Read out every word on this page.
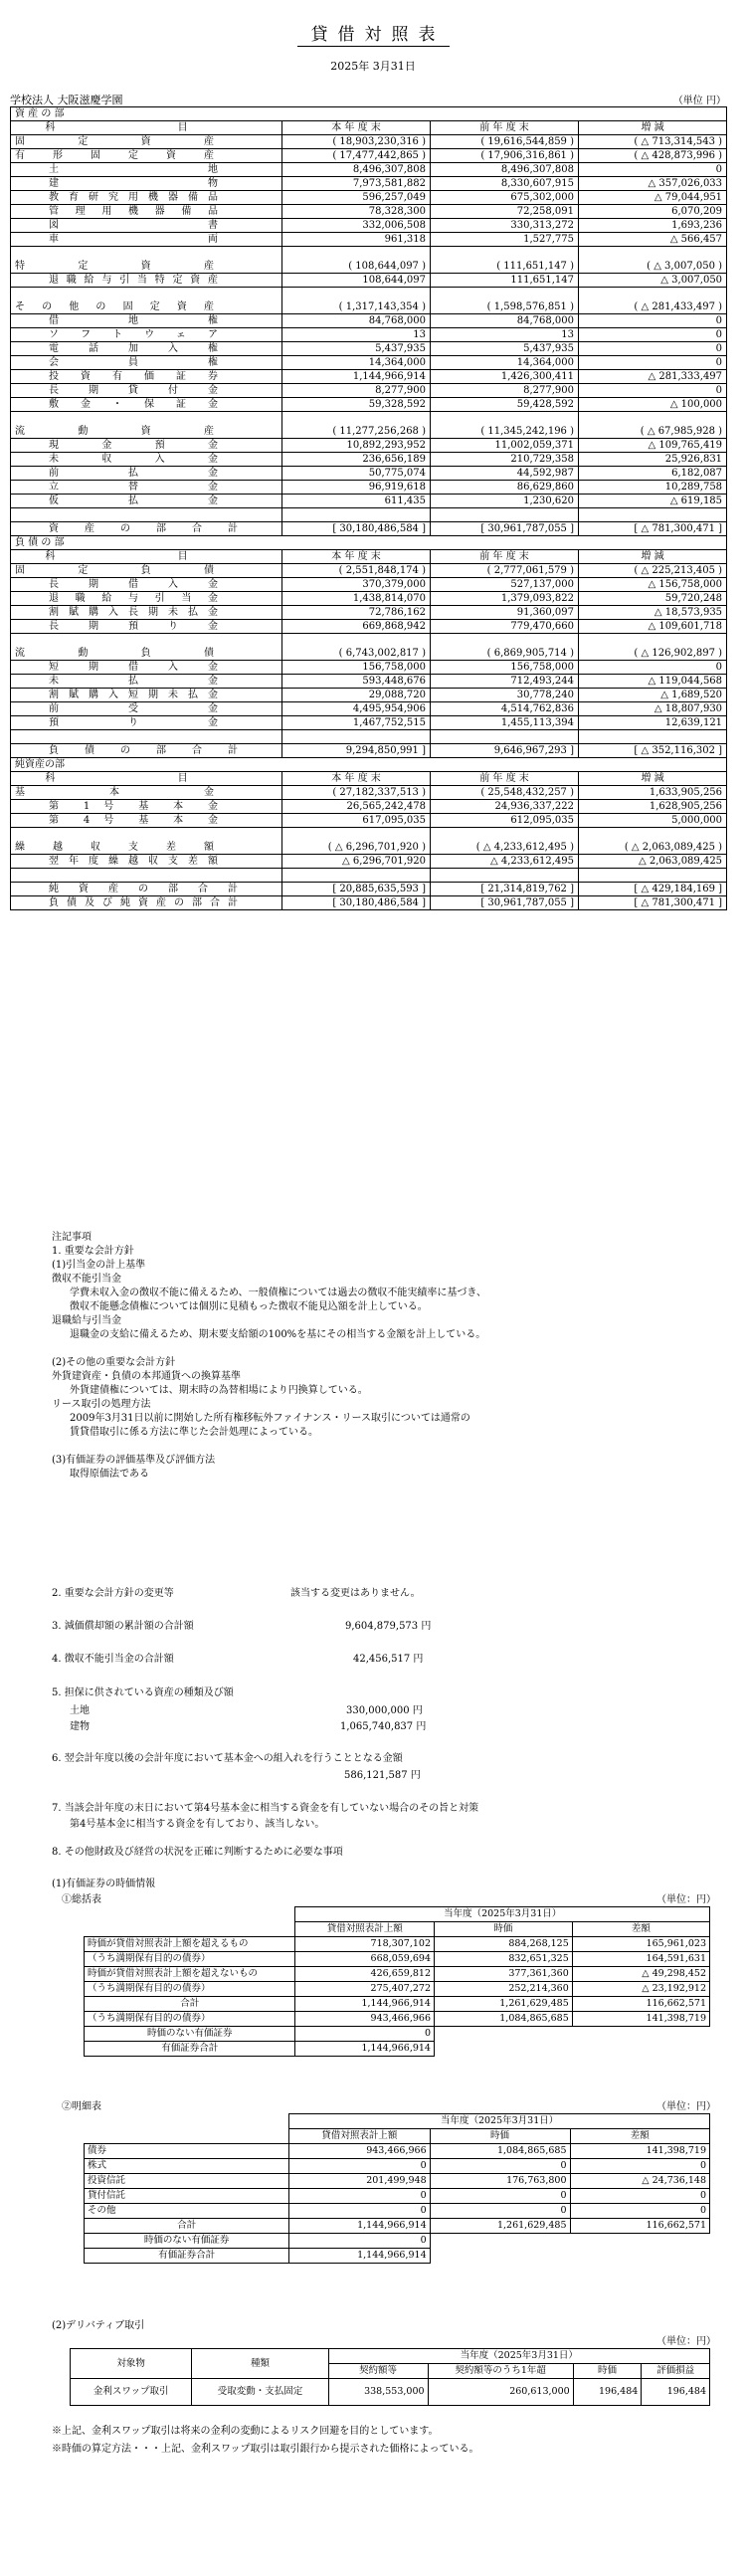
貸借対照表
2025年 3月31日
学校法人 大阪滋慶学園	（単位 円）
資 産 の 部			
科 目	本 年 度 末	前 年 度 末	増 減
固 定 資 産	( 18,903,230,316 )	( 19,616,544,859 )	( △ 713,314,543 )
有 形 固 定 資 産	( 17,477,442,865 )	( 17,906,316,861 )	( △ 428,873,996 )
土 地	8,496,307,808	8,496,307,808	0
建 物	7,973,581,882	8,330,607,915	△ 357,026,033
教育研究用機器備品	596,257,049	675,302,000	△ 79,044,951
管理用機器備品	78,328,300	72,258,091	6,070,209
図 書	332,006,508	330,313,272	1,693,236
車 両	961,318	1,527,775	△ 566,457

特 定 資 産	( 108,644,097 )	( 111,651,147 )	( △ 3,007,050 )
退職給与引当特定資産	108,644,097	111,651,147	△ 3,007,050

その他の固定資産	( 1,317,143,354 )	( 1,598,576,851 )	( △ 281,433,497 )
借 地 権	84,768,000	84,768,000	0
ソフトウェア	13	13	0
電 話 加 入 権	5,437,935	5,437,935	0
会 員 権	14,364,000	14,364,000	0
投資有価証券	1,144,966,914	1,426,300,411	△ 281,333,497
長 期 貸 付 金	8,277,900	8,277,900	0
敷金・保証金	59,328,592	59,428,592	△ 100,000

流 動 資 産	( 11,277,256,268 )	( 11,345,242,196 )	( △ 67,985,928 )
現 金 預 金	10,892,293,952	11,002,059,371	△ 109,765,419
未 収 入 金	236,656,189	210,729,358	25,926,831
前 払 金	50,775,074	44,592,987	6,182,087
立 替 金	96,919,618	86,629,860	10,289,758
仮 払 金	611,435	1,230,620	△ 619,185

資 産 の 部 合 計	[ 30,180,486,584 ]	[ 30,961,787,055 ]	[ △ 781,300,471 ]
負 債 の 部			
科 目	本 年 度 末	前 年 度 末	増 減
固 定 負 債	( 2,551,848,174 )	( 2,777,061,579 )	( △ 225,213,405 )
長 期 借 入 金	370,379,000	527,137,000	△ 156,758,000
退職給与引当金	1,438,814,070	1,379,093,822	59,720,248
割賦購入長期未払金	72,786,162	91,360,097	△ 18,573,935
長 期 預 り 金	669,868,942	779,470,660	△ 109,601,718

流 動 負 債	( 6,743,002,817 )	( 6,869,905,714 )	( △ 126,902,897 )
短 期 借 入 金	156,758,000	156,758,000	0
未 払 金	593,448,676	712,493,244	△ 119,044,568
割賦購入短期未払金	29,088,720	30,778,240	△ 1,689,520
前 受 金	4,495,954,906	4,514,762,836	△ 18,807,930
預 り 金	1,467,752,515	1,455,113,394	12,639,121

負 債 の 部 合 計	9,294,850,991 ]	9,646,967,293 ]	[ △ 352,116,302 ]
純資産の部			
科 目	本 年 度 末	前 年 度 末	増 減
基 本 金	( 27,182,337,513 )	( 25,548,432,257 )	1,633,905,256
第 1 号 基 本 金	26,565,242,478	24,936,337,222	1,628,905,256
第 4 号 基 本 金	617,095,035	612,095,035	5,000,000

繰 越 収 支 差 額	( △ 6,296,701,920 )	( △ 4,233,612,495 )	( △ 2,063,089,425 )
翌年度繰越収支差額	△ 6,296,701,920	△ 4,233,612,495	△ 2,063,089,425

純 資 産 の 部 合 計	[ 20,885,635,593 ]	[ 21,314,819,762 ]	[ △ 429,184,169 ]
負債及び純資産の部合計	[ 30,180,486,584 ]	[ 30,961,787,055 ]	[ △ 781,300,471 ]
注記事項
1. 重要な会計方針
(1)引当金の計上基準
徴収不能引当金
学費未収入金の徴収不能に備えるため、一般債権については過去の徴収不能実績率に基づき、
徴収不能懸念債権については個別に見積もった徴収不能見込額を計上している。
退職給与引当金
退職金の支給に備えるため、期末要支給額の100%を基にその相当する金額を計上している。

(2)その他の重要な会計方針
外貨建資産・負債の本邦通貨への換算基準
外貨建債権については、期末時の為替相場により円換算している。
リース取引の処理方法
2009年3月31日以前に開始した所有権移転外ファイナンス・リース取引については通常の
賃貸借取引に係る方法に準じた会計処理によっている。

(3)有価証券の評価基準及び評価方法
取得原価法である
2. 重要な会計方針の変更等	該当する変更はありません。
3. 減価償却額の累計額の合計額	9,604,879,573 円
4. 徴収不能引当金の合計額	42,456,517 円
5. 担保に供されている資産の種類及び額
土地	330,000,000 円
建物	1,065,740,837 円
6. 翌会計年度以後の会計年度において基本金への組入れを行うこととなる金額
586,121,587 円
7. 当該会計年度の末日において第4号基本金に相当する資金を有していない場合のその旨と対策
第4号基本金に相当する資金を有しており、該当しない。
8. その他財政及び経営の状況を正確に判断するために必要な事項
(1)有価証券の時価情報
①総括表	（単位：円）
	当年度（2025年3月31日）		
	貸借対照表計上額	時価	差額
時価が貸借対照表計上額を超えるもの	718,307,102	884,268,125	165,961,023
（うち満期保有目的の債券）	668,059,694	832,651,325	164,591,631
時価が貸借対照表計上額を超えないもの	426,659,812	377,361,360	△ 49,298,452
（うち満期保有目的の債券）	275,407,272	252,214,360	△ 23,192,912
合計	1,144,966,914	1,261,629,485	116,662,571
（うち満期保有目的の債券）	943,466,966	1,084,865,685	141,398,719
時価のない有価証券	0		
有価証券合計	1,144,966,914		
②明細表	（単位：円）
	当年度（2025年3月31日）		
	貸借対照表計上額	時価	差額
債券	943,466,966	1,084,865,685	141,398,719
株式	0	0	0
投資信託	201,499,948	176,763,800	△ 24,736,148
貸付信託	0	0	0
その他	0	0	0
合計	1,144,966,914	1,261,629,485	116,662,571
時価のない有価証券	0		
有価証券合計	1,144,966,914		
(2)デリバティブ取引
（単位：円）
対象物	種類	当年度（2025年3月31日）			
		契約額等	契約額等のうち1年超	時価	評価損益
金利スワップ取引	受取変動・支払固定	338,553,000	260,613,000	196,484	196,484
※上記、金利スワップ取引は将来の金利の変動によるリスク回避を目的としています。
※時価の算定方法・・・上記、金利スワップ取引は取引銀行から提示された価格によっている。
